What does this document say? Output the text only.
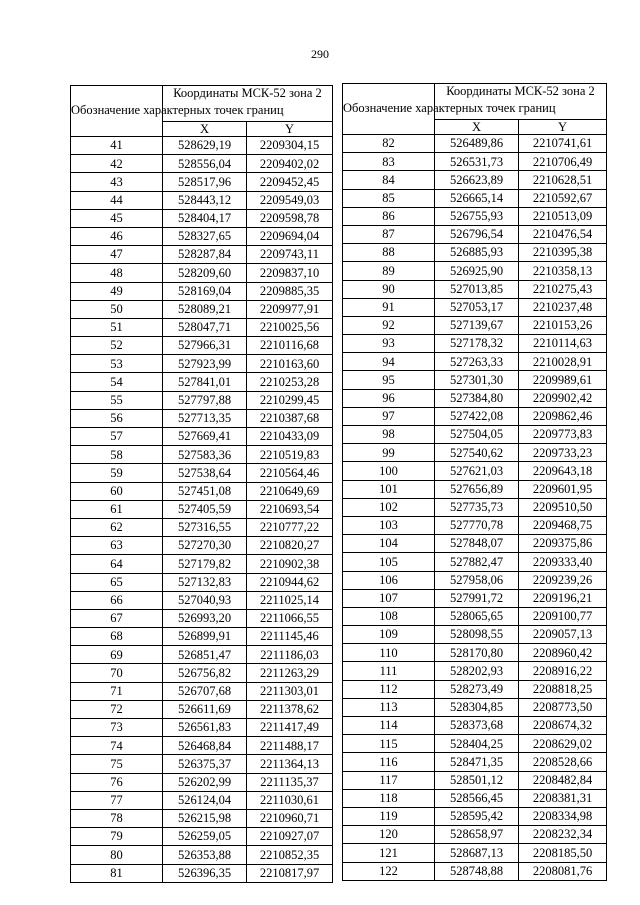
290
Обозначение характерных точек границ	Координаты МСК-52 зона 2	
	X	Y
41	528629,19	2209304,15
42	528556,04	2209402,02
43	528517,96	2209452,45
44	528443,12	2209549,03
45	528404,17	2209598,78
46	528327,65	2209694,04
47	528287,84	2209743,11
48	528209,60	2209837,10
49	528169,04	2209885,35
50	528089,21	2209977,91
51	528047,71	2210025,56
52	527966,31	2210116,68
53	527923,99	2210163,60
54	527841,01	2210253,28
55	527797,88	2210299,45
56	527713,35	2210387,68
57	527669,41	2210433,09
58	527583,36	2210519,83
59	527538,64	2210564,46
60	527451,08	2210649,69
61	527405,59	2210693,54
62	527316,55	2210777,22
63	527270,30	2210820,27
64	527179,82	2210902,38
65	527132,83	2210944,62
66	527040,93	2211025,14
67	526993,20	2211066,55
68	526899,91	2211145,46
69	526851,47	2211186,03
70	526756,82	2211263,29
71	526707,68	2211303,01
72	526611,69	2211378,62
73	526561,83	2211417,49
74	526468,84	2211488,17
75	526375,37	2211364,13
76	526202,99	2211135,37
77	526124,04	2211030,61
78	526215,98	2210960,71
79	526259,05	2210927,07
80	526353,88	2210852,35
81	526396,35	2210817,97
Обозначение характерных точек границ	Координаты МСК-52 зона 2	
	X	Y
82	526489,86	2210741,61
83	526531,73	2210706,49
84	526623,89	2210628,51
85	526665,14	2210592,67
86	526755,93	2210513,09
87	526796,54	2210476,54
88	526885,93	2210395,38
89	526925,90	2210358,13
90	527013,85	2210275,43
91	527053,17	2210237,48
92	527139,67	2210153,26
93	527178,32	2210114,63
94	527263,33	2210028,91
95	527301,30	2209989,61
96	527384,80	2209902,42
97	527422,08	2209862,46
98	527504,05	2209773,83
99	527540,62	2209733,23
100	527621,03	2209643,18
101	527656,89	2209601,95
102	527735,73	2209510,50
103	527770,78	2209468,75
104	527848,07	2209375,86
105	527882,47	2209333,40
106	527958,06	2209239,26
107	527991,72	2209196,21
108	528065,65	2209100,77
109	528098,55	2209057,13
110	528170,80	2208960,42
111	528202,93	2208916,22
112	528273,49	2208818,25
113	528304,85	2208773,50
114	528373,68	2208674,32
115	528404,25	2208629,02
116	528471,35	2208528,66
117	528501,12	2208482,84
118	528566,45	2208381,31
119	528595,42	2208334,98
120	528658,97	2208232,34
121	528687,13	2208185,50
122	528748,88	2208081,76
